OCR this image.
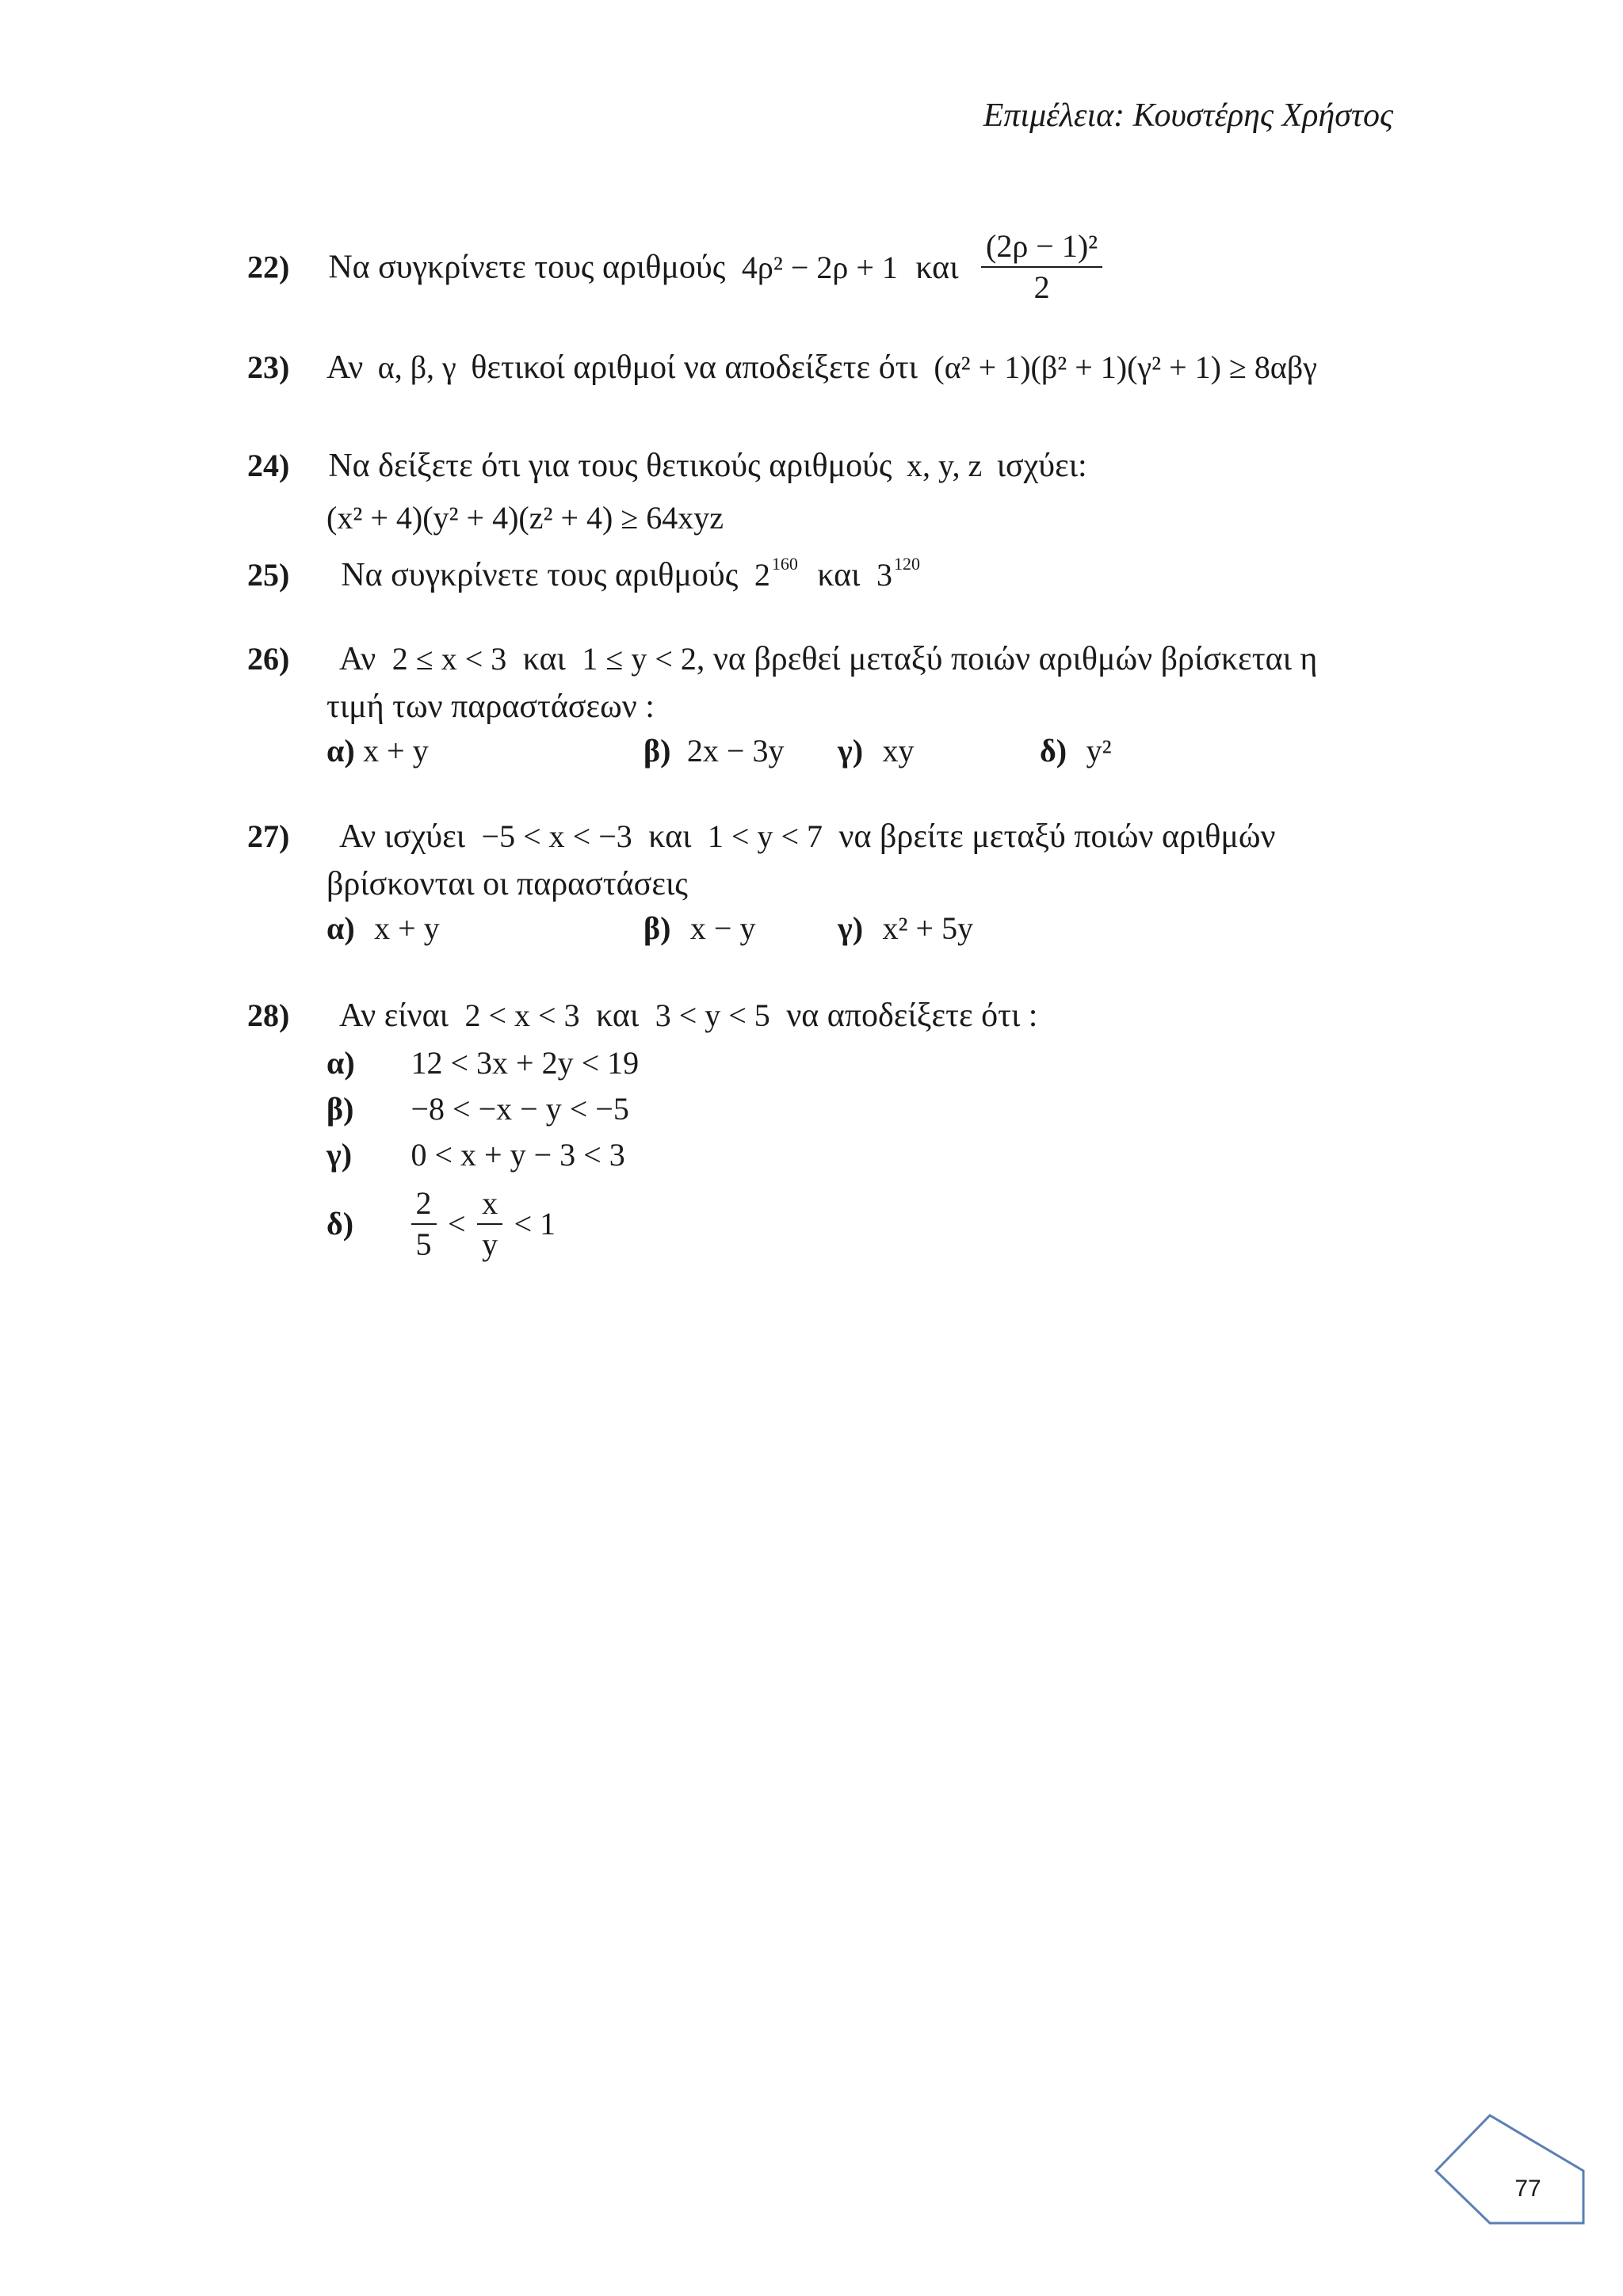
Επιμέλεια: Κουστέρης Χρήστος
22) Να συγκρίνετε τους αριθμούς 4ρ² − 2ρ + 1 και $\frac{\text{(2ρ − 1)²}}{2}$
23) Αν α, β, γ θετικοί αριθμοί να αποδείξετε ότι (α² + 1)(β² + 1)(γ² + 1) ≥ 8αβγ
24) Να δείξετε ότι για τους θετικούς αριθμούς x, y, z ισχύει:
(x² + 4)(y² + 4)(z² + 4) ≥ 64xyz
25) Να συγκρίνετε τους αριθμούς $2^{160}$ και $3^{120}$
26) Αν 2 ≤ x < 3 και 1 ≤ y < 2, να βρεθεί μεταξύ ποιών αριθμών βρίσκεται η
τιμή των παραστάσεων :
α) x + y	β) 2x − 3y γ) xy	δ) y²
27) Αν ισχύει −5 < x < −3 και 1 < y < 7 να βρείτε μεταξύ ποιών αριθμών
βρίσκονται οι παραστάσεις
α) x + y	β) x − y	γ) x² + 5y
28) Αν είναι 2 < x < 3 και 3 < y < 5 να αποδείξετε ότι :
α) 12 < 3x + 2y < 19
β) −8 < −x − y < −5
γ) 0 < x + y − 3 < 3
$\delta) \frac{2}{5} < \frac{x}{y} < 1$
77
